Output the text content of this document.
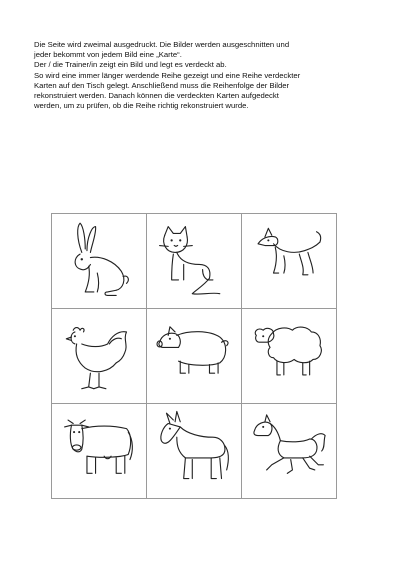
Die Seite wird zweimal ausgedruckt. Die Bilder werden ausgeschnitten und

jeder bekommt von jedem Bild eine „Karte“.

Der / die Trainer/in zeigt ein Bild und legt es verdeckt ab.

So wird eine immer länger werdende Reihe gezeigt und eine Reihe verdeckter

Karten auf den Tisch gelegt. Anschließend muss die Reihenfolge der Bilder

rekonstruiert werden. Danach können die verdeckten Karten aufgedeckt

werden, um zu prüfen, ob die Reihe richtig rekonstruiert wurde.
